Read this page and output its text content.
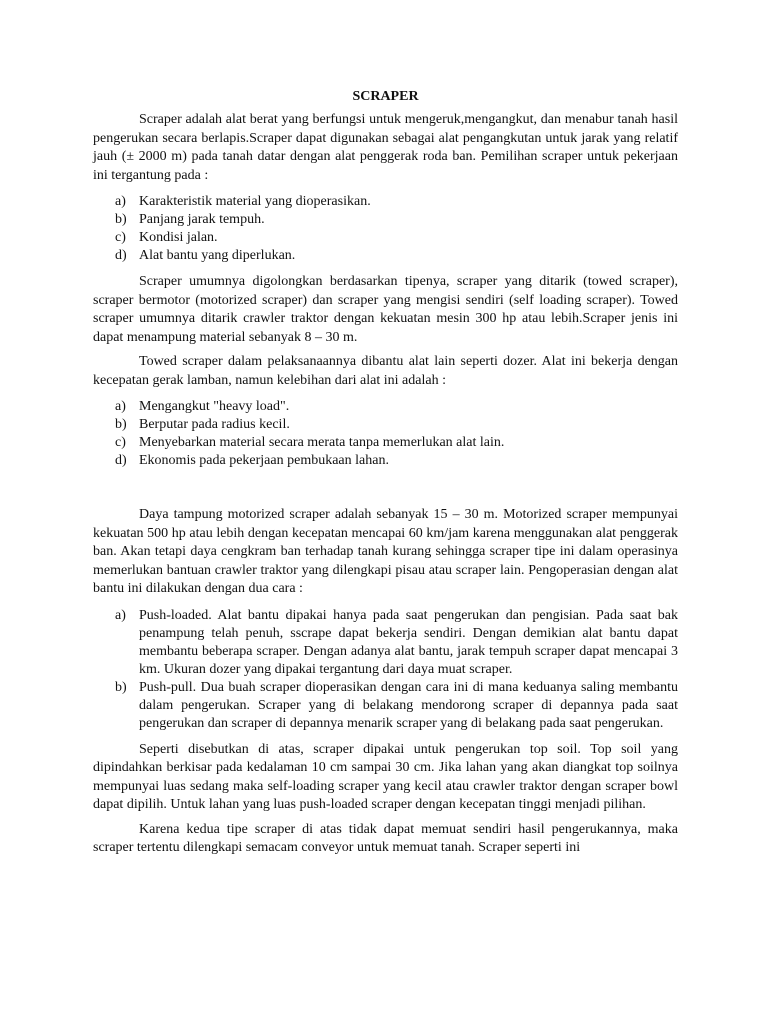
SCRAPER

Scraper adalah alat berat yang berfungsi untuk mengeruk,mengangkut, dan menabur tanah hasil pengerukan secara berlapis.Scraper dapat digunakan sebagai alat pengangkutan untuk jarak yang relatif jauh (± 2000 m) pada tanah datar dengan alat penggerak roda ban. Pemilihan scraper untuk pekerjaan ini tergantung pada :

a) Karakteristik material yang dioperasikan.
b) Panjang jarak tempuh.
c) Kondisi jalan.
d) Alat bantu yang diperlukan.

Scraper umumnya digolongkan berdasarkan tipenya, scraper yang ditarik (towed scraper), scraper bermotor (motorized scraper) dan scraper yang mengisi sendiri (self loading scraper). Towed scraper umumnya ditarik crawler traktor dengan kekuatan mesin 300 hp atau lebih.Scraper jenis ini dapat menampung material sebanyak 8 – 30 m.

Towed scraper dalam pelaksanaannya dibantu alat lain seperti dozer. Alat ini bekerja dengan kecepatan gerak lamban, namun kelebihan dari alat ini adalah :

a) Mengangkut "heavy load".
b) Berputar pada radius kecil.
c) Menyebarkan material secara merata tanpa memerlukan alat lain.
d) Ekonomis pada pekerjaan pembukaan lahan.

Daya tampung motorized scraper adalah sebanyak 15 – 30 m. Motorized scraper mempunyai kekuatan 500 hp atau lebih dengan kecepatan mencapai 60 km/jam karena menggunakan alat penggerak ban. Akan tetapi daya cengkram ban terhadap tanah kurang sehingga scraper tipe ini dalam operasinya memerlukan bantuan crawler traktor yang dilengkapi pisau atau scraper lain. Pengoperasian dengan alat bantu ini dilakukan dengan dua cara :

a) Push-loaded. Alat bantu dipakai hanya pada saat pengerukan dan pengisian. Pada saat bak penampung telah penuh, sscrape dapat bekerja sendiri. Dengan demikian alat bantu dapat membantu beberapa scraper. Dengan adanya alat bantu, jarak tempuh scraper dapat mencapai 3 km. Ukuran dozer yang dipakai tergantung dari daya muat scraper.
b) Push-pull. Dua buah scraper dioperasikan dengan cara ini di mana keduanya saling membantu dalam pengerukan. Scraper yang di belakang mendorong scraper di depannya pada saat pengerukan dan scraper di depannya menarik scraper yang di belakang pada saat pengerukan.

Seperti disebutkan di atas, scraper dipakai untuk pengerukan top soil. Top soil yang dipindahkan berkisar pada kedalaman 10 cm sampai 30 cm. Jika lahan yang akan diangkat top soilnya mempunyai luas sedang maka self-loading scraper yang kecil atau crawler traktor dengan scraper bowl dapat dipilih. Untuk lahan yang luas push-loaded scraper dengan kecepatan tinggi menjadi pilihan.

Karena kedua tipe scraper di atas tidak dapat memuat sendiri hasil pengerukannya, maka scraper tertentu dilengkapi semacam conveyor untuk memuat tanah. Scraper seperti ini
